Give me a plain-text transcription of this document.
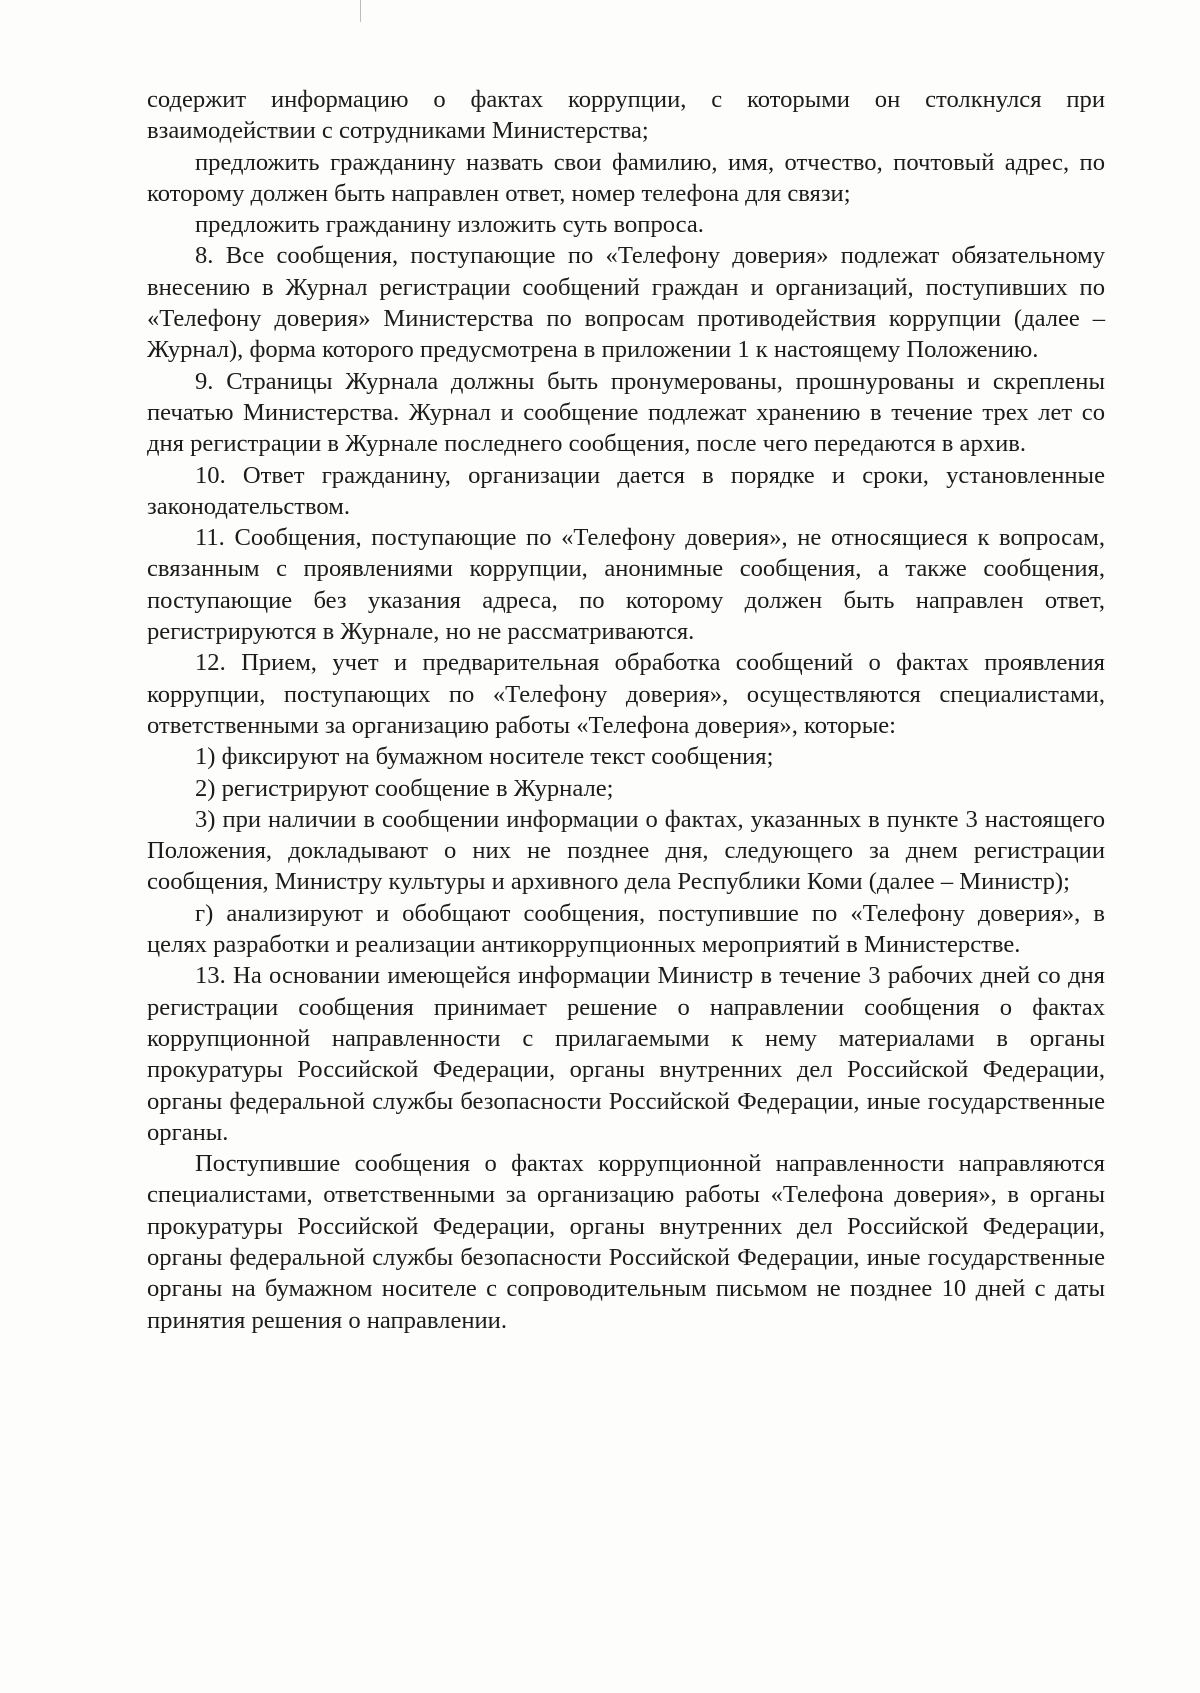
содержит информацию о фактах коррупции, с которыми он столкнулся при взаимодействии с сотрудниками Министерства;

предложить гражданину назвать свои фамилию, имя, отчество, почтовый адрес, по которому должен быть направлен ответ, номер телефона для связи;

предложить гражданину изложить суть вопроса.

8. Все сообщения, поступающие по «Телефону доверия» подлежат обязательному внесению в Журнал регистрации сообщений граждан и организаций, поступивших по «Телефону доверия» Министерства по вопросам противодействия коррупции (далее – Журнал), форма которого предусмотрена в приложении 1 к настоящему Положению.

9. Страницы Журнала должны быть пронумерованы, прошнурованы и скреплены печатью Министерства. Журнал и сообщение подлежат хранению в течение трех лет со дня регистрации в Журнале последнего сообщения, после чего передаются в архив.

10. Ответ гражданину, организации дается в порядке и сроки, установленные законодательством.

11. Сообщения, поступающие по «Телефону доверия», не относящиеся к вопросам, связанным с проявлениями коррупции, анонимные сообщения, а также сообщения, поступающие без указания адреса, по которому должен быть направлен ответ, регистрируются в Журнале, но не рассматриваются.

12. Прием, учет и предварительная обработка сообщений о фактах проявления коррупции, поступающих по «Телефону доверия», осуществляются специалистами, ответственными за организацию работы «Телефона доверия», которые:

1) фиксируют на бумажном носителе текст сообщения;

2) регистрируют сообщение в Журнале;

3) при наличии в сообщении информации о фактах, указанных в пункте 3 настоящего Положения, докладывают о них не позднее дня, следующего за днем регистрации сообщения, Министру культуры и архивного дела Республики Коми (далее – Министр);

г) анализируют и обобщают сообщения, поступившие по «Телефону доверия», в целях разработки и реализации антикоррупционных мероприятий в Министерстве.

13. На основании имеющейся информации Министр в течение 3 рабочих дней со дня регистрации сообщения принимает решение о направлении сообщения о фактах коррупционной направленности с прилагаемыми к нему материалами в органы прокуратуры Российской Федерации, органы внутренних дел Российской Федерации, органы федеральной службы безопасности Российской Федерации, иные государственные органы.

Поступившие сообщения о фактах коррупционной направленности направляются специалистами, ответственными за организацию работы «Телефона доверия», в органы прокуратуры Российской Федерации, органы внутренних дел Российской Федерации, органы федеральной службы безопасности Российской Федерации, иные государственные органы на бумажном носителе с сопроводительным письмом не позднее 10 дней с даты принятия решения о направлении.
